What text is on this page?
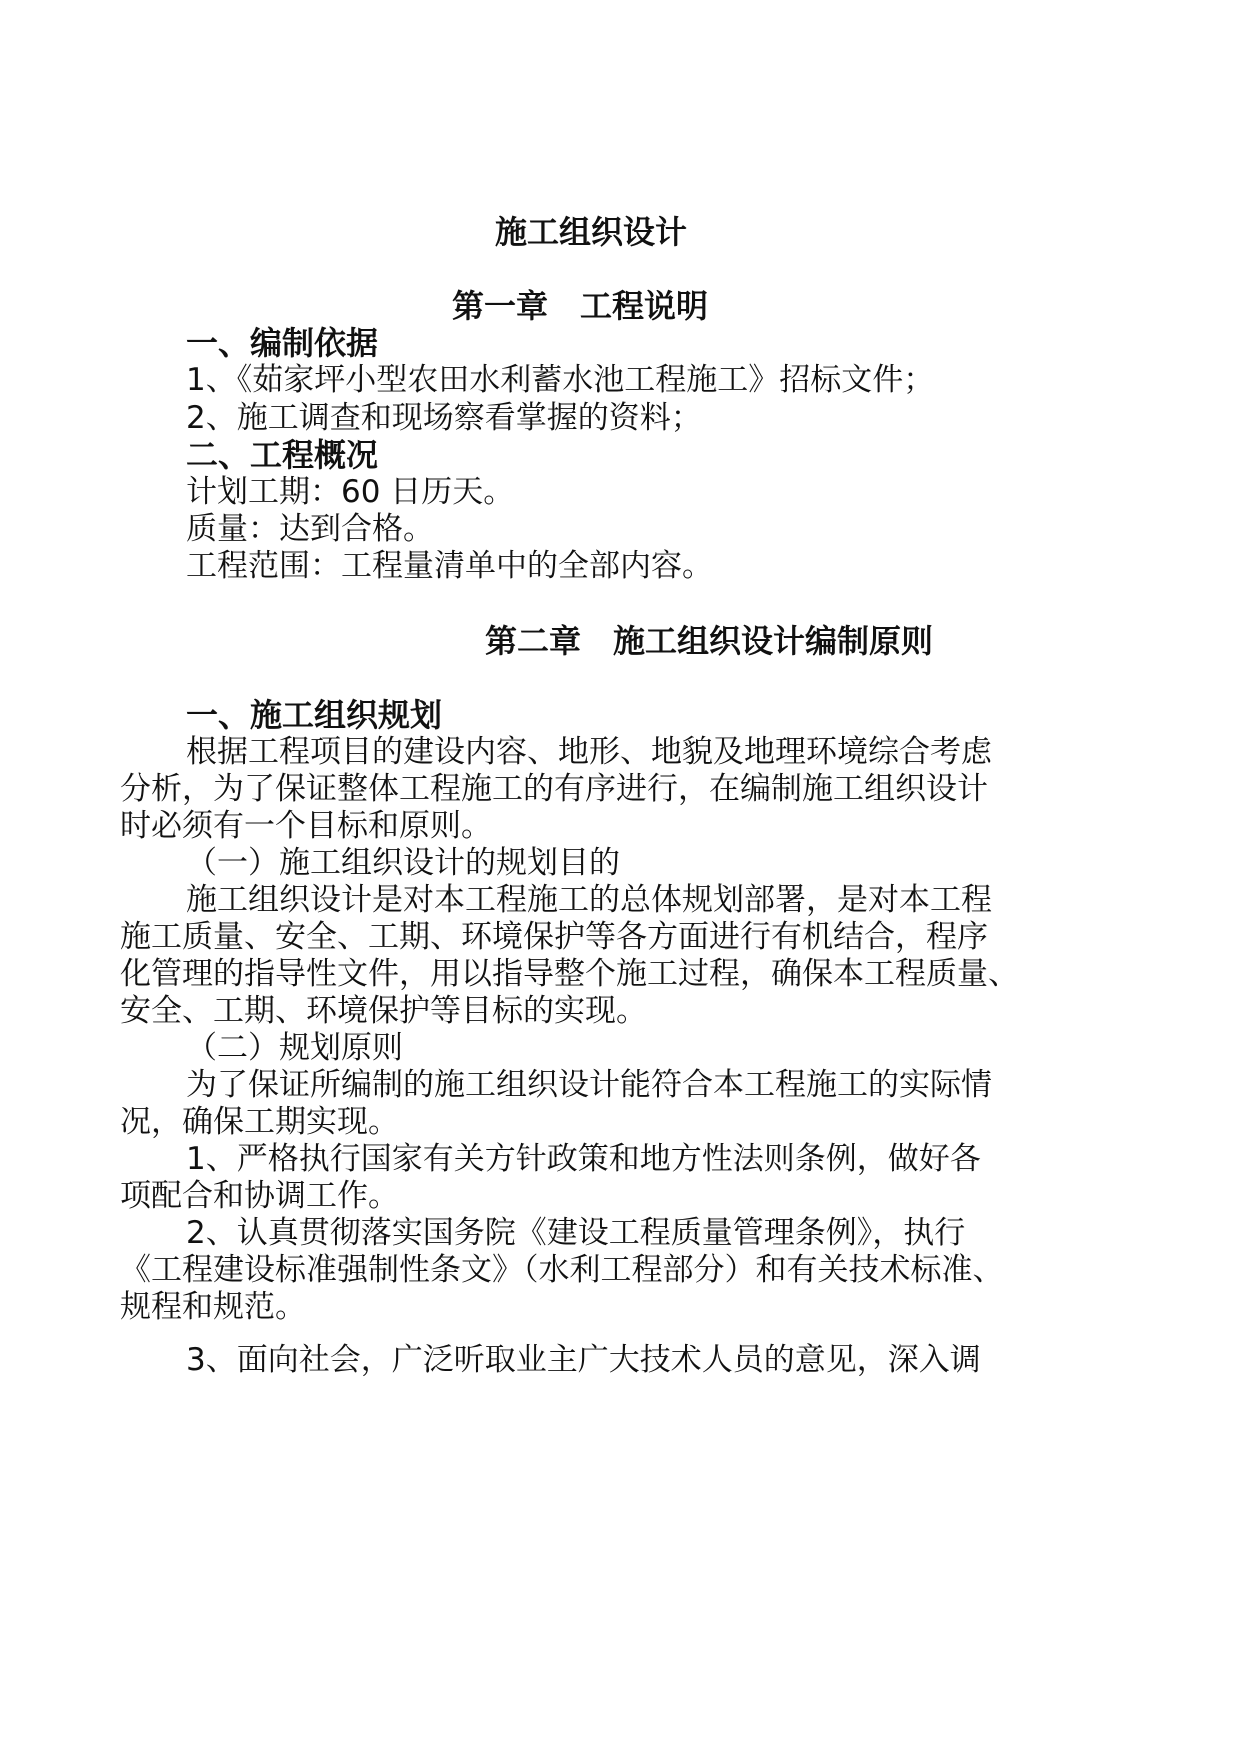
施工组织设计
第一章　工程说明
一、编制依据
1、《茹家坪小型农田水利蓄水池工程施工》招标文件；
2、施工调查和现场察看掌握的资料；
二、工程概况
计划工期：60 日历天。
质量：达到合格。
工程范围：工程量清单中的全部内容。
第二章　施工组织设计编制原则
一、施工组织规划
根据工程项目的建设内容、地形、地貌及地理环境综合考虑
分析，为了保证整体工程施工的有序进行，在编制施工组织设计
时必须有一个目标和原则。
（一）施工组织设计的规划目的
施工组织设计是对本工程施工的总体规划部署，是对本工程
施工质量、安全、工期、环境保护等各方面进行有机结合，程序
化管理的指导性文件，用以指导整个施工过程，确保本工程质量、
安全、工期、环境保护等目标的实现。
（二）规划原则
为了保证所编制的施工组织设计能符合本工程施工的实际情
况，确保工期实现。
1、严格执行国家有关方针政策和地方性法则条例，做好各
项配合和协调工作。
2、认真贯彻落实国务院《建设工程质量管理条例》，执行
《工程建设标准强制性条文》（水利工程部分）和有关技术标准、
规程和规范。
3、面向社会，广泛听取业主广大技术人员的意见，深入调
